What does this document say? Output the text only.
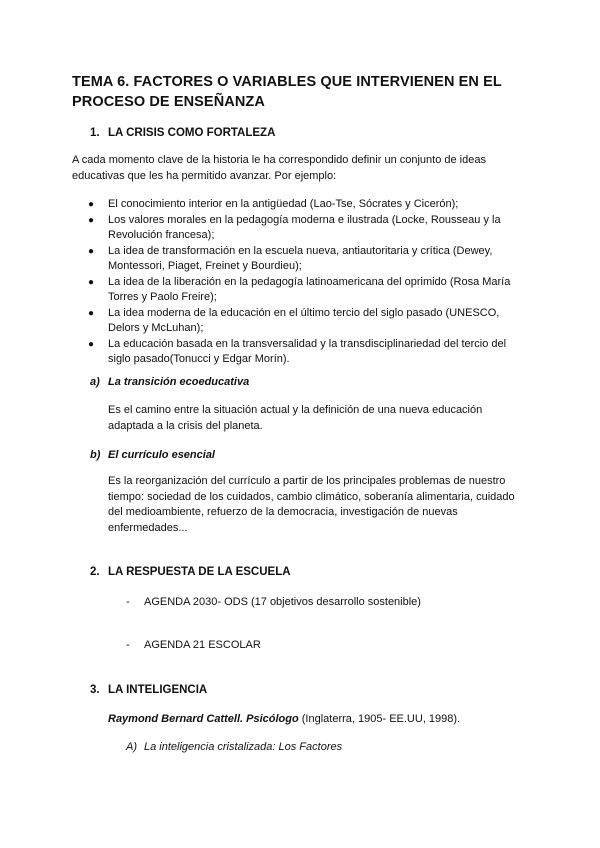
TEMA 6. FACTORES O VARIABLES QUE INTERVIENEN EN EL PROCESO DE ENSEÑANZA
1. LA CRISIS COMO FORTALEZA
A cada momento clave de la historia le ha correspondido definir un conjunto de ideas educativas que les ha permitido avanzar. Por ejemplo:
● El conocimiento interior en la antigüedad (Lao-Tse, Sócrates y Cicerón);
● Los valores morales en la pedagogía moderna e ilustrada (Locke, Rousseau y la Revolución francesa);
● La idea de transformación en la escuela nueva, antiautoritaria y crítica (Dewey, Montessori, Piaget, Freinet y Bourdieu);
● La idea de la liberación en la pedagogía latinoamericana del oprimido (Rosa María Torres y Paolo Freire);
● La idea moderna de la educación en el último tercio del siglo pasado (UNESCO, Delors y McLuhan);
● La educación basada en la transversalidad y la transdisciplinariedad del tercio del siglo pasado(Tonucci y Edgar Morín).
a) La transición ecoeducativa
Es el camino entre la situación actual y la definición de una nueva educación adaptada a la crisis del planeta.
b) El currículo esencial
Es la reorganización del currículo a partir de los principales problemas de nuestro tiempo: sociedad de los cuidados, cambio climático, soberanía alimentaria, cuidado del medioambiente, refuerzo de la democracia, investigación de nuevas enfermedades...
2. LA RESPUESTA DE LA ESCUELA
- AGENDA 2030- ODS (17 objetivos desarrollo sostenible)
- AGENDA 21 ESCOLAR
3. LA INTELIGENCIA
Raymond Bernard Cattell. Psicólogo (Inglaterra, 1905- EE.UU, 1998).
A) La inteligencia cristalizada: Los Factores
